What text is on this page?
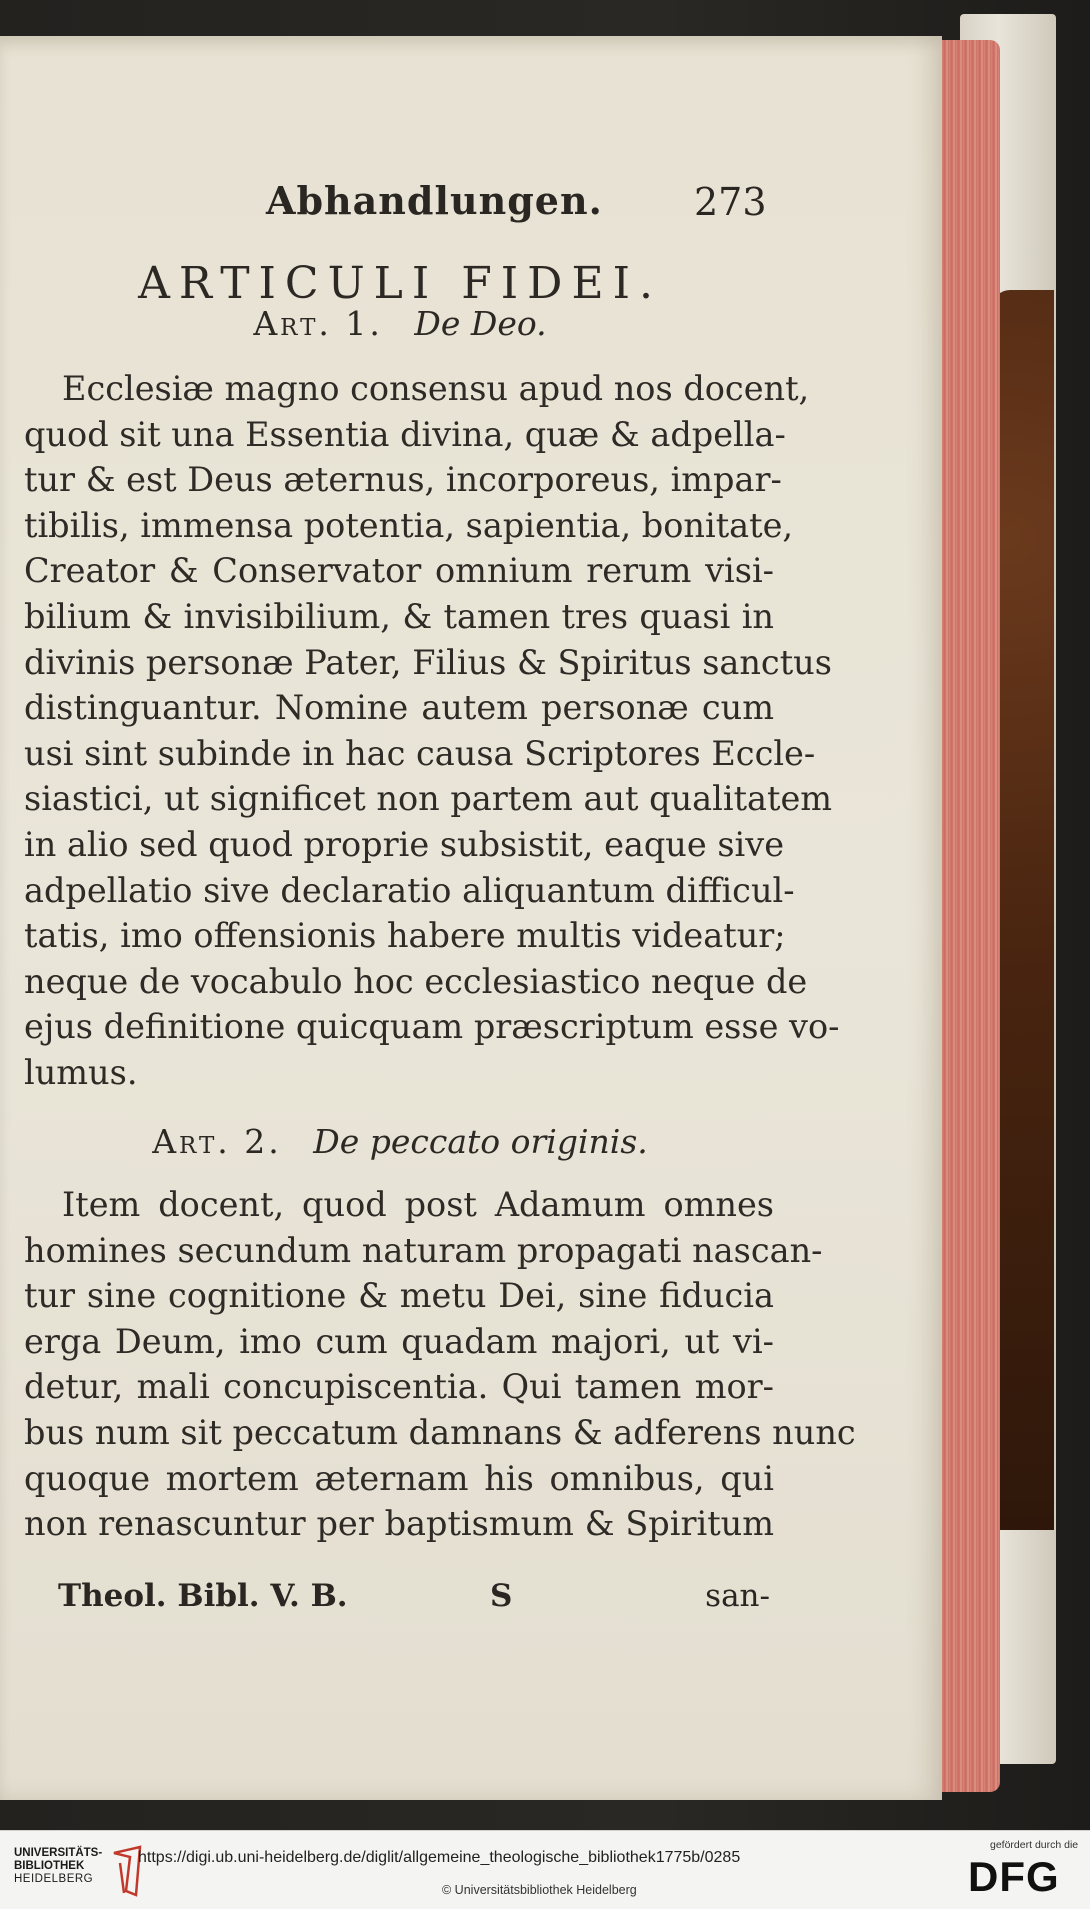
Abhandlungen. 273
ARTICULI FIDEI.
Art. 1. De Deo.
Ecclesiæ magno consensu apud nos docent,
quod sit una Essentia divina, quæ & adpella-
tur & est Deus æternus, incorporeus, impar-
tibilis, immensa potentia, sapientia, bonitate,
Creator & Conservator omnium rerum visi-
bilium & invisibilium, & tamen tres quasi in
divinis personæ Pater, Filius & Spiritus sanctus
distinguantur. Nomine autem personæ cum
usi sint subinde in hac causa Scriptores Eccle-
siastici, ut significet non partem aut qualitatem
in alio sed quod proprie subsistit, eaque sive
adpellatio sive declaratio aliquantum difficul-
tatis, imo offensionis habere multis videatur;
neque de vocabulo hoc ecclesiastico neque de
ejus definitione quicquam præscriptum esse vo-
lumus.
Art. 2. De peccato originis.
Item docent, quod post Adamum omnes
homines secundum naturam propagati nascan-
tur sine cognitione & metu Dei, sine fiducia
erga Deum, imo cum quadam majori, ut vi-
detur, mali concupiscentia. Qui tamen mor-
bus num sit peccatum damnans & adferens nunc
quoque mortem æternam his omnibus, qui
non renascuntur per baptismum & Spiritum
Theol. Bibl. V. B.	S	san-
UNIVERSITÄTS-
BIBLIOTHEK
HEIDELBERG
https://digi.ub.uni-heidelberg.de/diglit/allgemeine_theologische_bibliothek1775b/0285
© Universitätsbibliothek Heidelberg
gefördert durch die
DFG
